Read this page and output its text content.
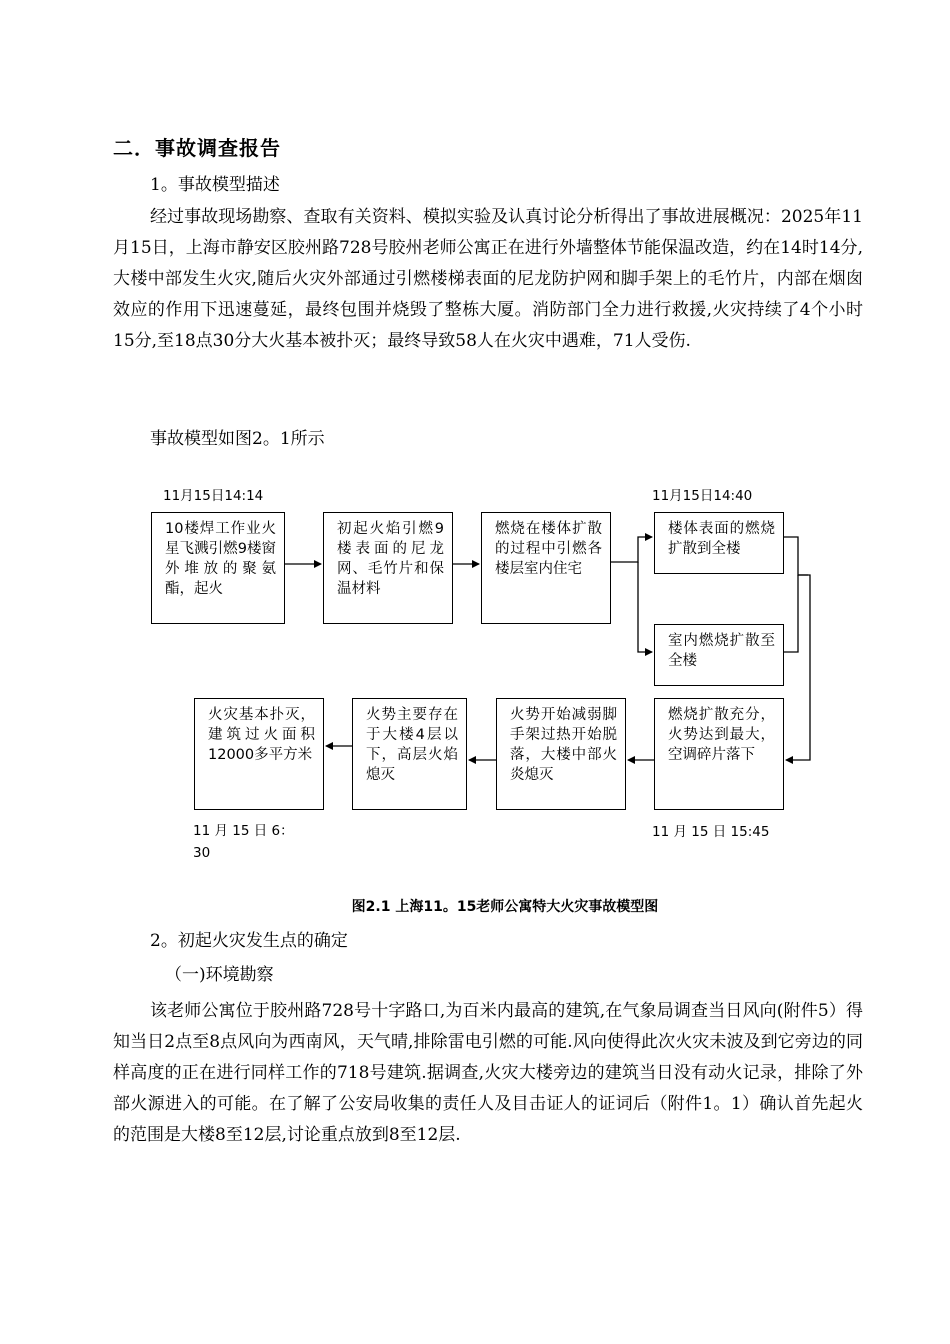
二．事故调查报告
1。事故模型描述
经过事故现场勘察、查取有关资料、模拟实验及认真讨论分析得出了事故进展概况：2025年11月15日，上海市静安区胶州路728号胶州老师公寓正在进行外墙整体节能保温改造，约在14时14分,大楼中部发生火灾,随后火灾外部通过引燃楼梯表面的尼龙防护网和脚手架上的毛竹片，内部在烟囱效应的作用下迅速蔓延，最终包围并烧毁了整栋大厦。消防部门全力进行救援,火灾持续了4个小时15分,至18点30分大火基本被扑灭；最终导致58人在火灾中遇难，71人受伤.
事故模型如图2。1所示
11月15日14:14	11月15日14:40
10楼焊工作业火星飞溅引燃9楼窗外堆放的聚氨酯，起火
初起火焰引燃9楼表面的尼龙网、毛竹片和保温材料
燃烧在楼体扩散的过程中引燃各楼层室内住宅
楼体表面的燃烧扩散到全楼
室内燃烧扩散至全楼
燃烧扩散充分，火势达到最大，空调碎片落下
火势开始减弱脚手架过热开始脱落，大楼中部火炎熄灭
火势主要存在于大楼4层以下，高层火焰熄灭
火灾基本扑灭，建筑过火面积12000多平方米
11 月 15 日 6：30
11 月 15 日 15:45
图2.1 上海11。15老师公寓特大火灾事故模型图
2。初起火灾发生点的确定
（一)环境勘察
该老师公寓位于胶州路728号十字路口,为百米内最高的建筑,在气象局调查当日风向(附件5）得知当日2点至8点风向为西南风，天气晴,排除雷电引燃的可能.风向使得此次火灾未波及到它旁边的同样高度的正在进行同样工作的718号建筑.据调查,火灾大楼旁边的建筑当日没有动火记录，排除了外部火源进入的可能。在了解了公安局收集的责任人及目击证人的证词后（附件1。1）确认首先起火的范围是大楼8至12层,讨论重点放到8至12层.
